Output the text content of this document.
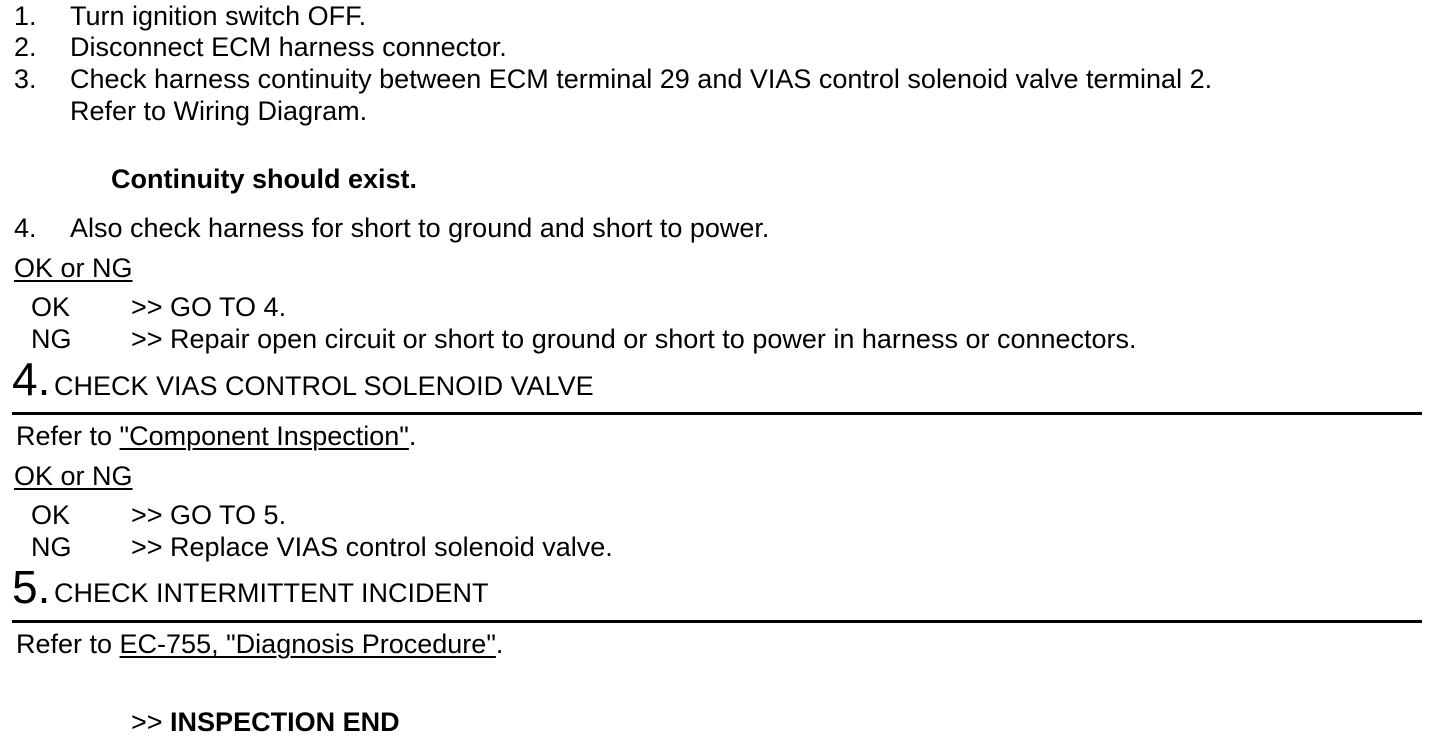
1. Turn ignition switch OFF.
2. Disconnect ECM harness connector.
3. Check harness continuity between ECM terminal 29 and VIAS control solenoid valve terminal 2.
Refer to Wiring Diagram.
Continuity should exist.
4. Also check harness for short to ground and short to power.
OK or NG
OK >> GO TO 4.
NG >> Repair open circuit or short to ground or short to power in harness or connectors.
4. CHECK VIAS CONTROL SOLENOID VALVE
Refer to "Component Inspection".
OK or NG
OK >> GO TO 5.
NG >> Replace VIAS control solenoid valve.
5. CHECK INTERMITTENT INCIDENT
Refer to EC-755, "Diagnosis Procedure".
>> INSPECTION END
